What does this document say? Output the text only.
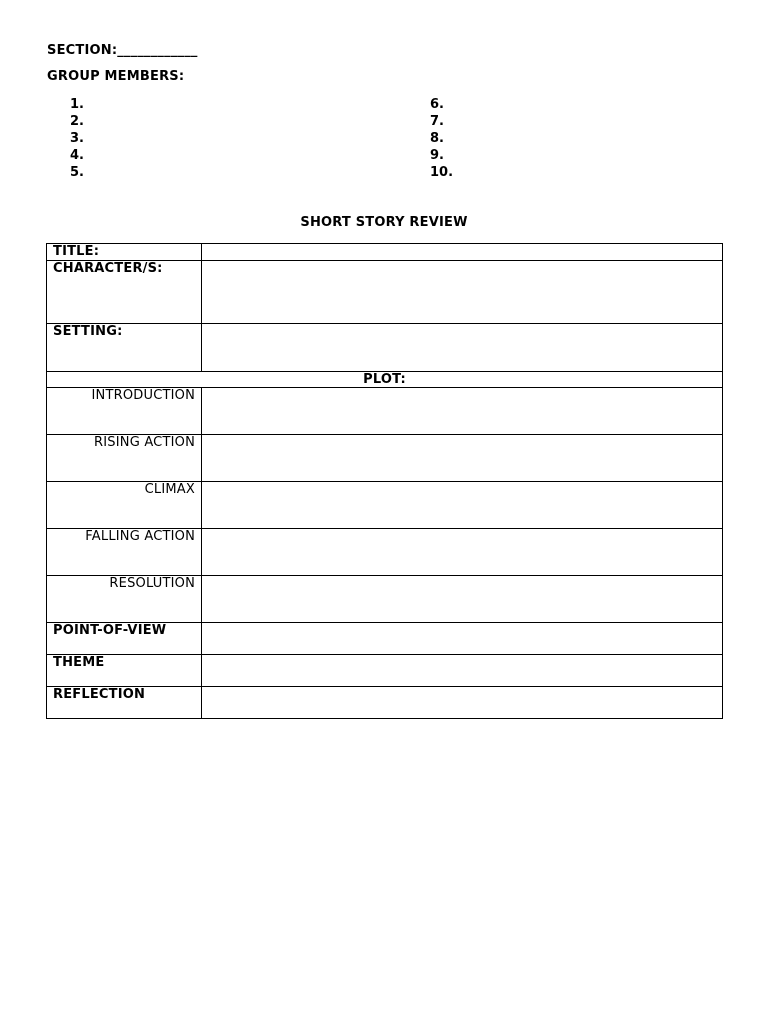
SECTION:____________
GROUP MEMBERS:
1.
2.
3.
4.
5.
6.
7.
8.
9.
10.
SHORT STORY REVIEW
TITLE:	
CHARACTER/S:	
SETTING:	
PLOT:	
INTRODUCTION	
RISING ACTION	
CLIMAX	
FALLING ACTION	
RESOLUTION	
POINT-OF-VIEW	
THEME	
REFLECTION	
